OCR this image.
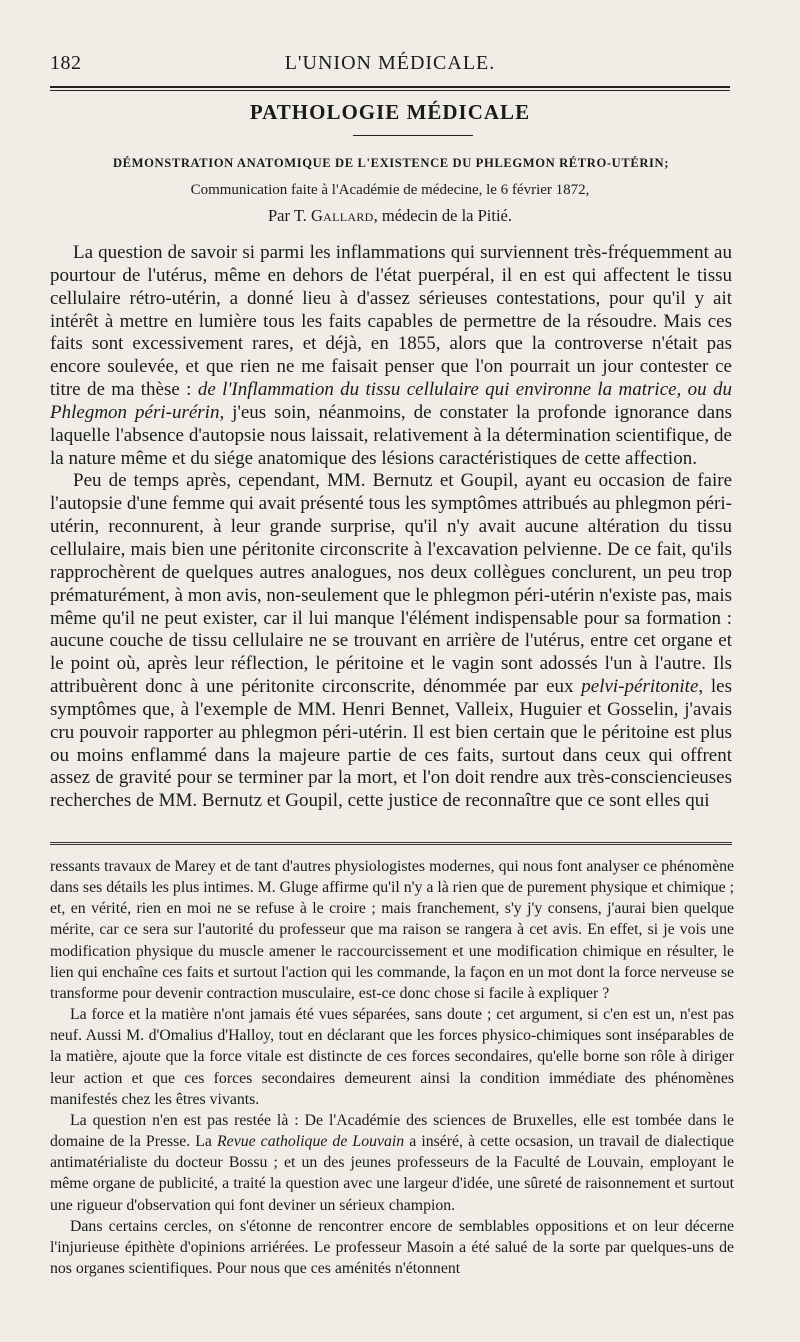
182	L'UNION MÉDICALE.
PATHOLOGIE MÉDICALE
DÉMONSTRATION ANATOMIQUE DE L'EXISTENCE DU PHLEGMON RÉTRO-UTÉRIN;
Communication faite à l'Académie de médecine, le 6 février 1872,
Par T. Gallard, médecin de la Pitié.

La question de savoir si parmi les inflammations qui surviennent très-fréquemment au pourtour de l'utérus, même en dehors de l'état puerpéral, il en est qui affectent le tissu cellulaire rétro-utérin, a donné lieu à d'assez sérieuses contestations, pour qu'il y ait intérêt à mettre en lumière tous les faits capables de permettre de la résoudre. Mais ces faits sont excessivement rares, et déjà, en 1855, alors que la controverse n'était pas encore soulevée, et que rien ne me faisait penser que l'on pourrait un jour contester ce titre de ma thèse : de l'Inflammation du tissu cellulaire qui environne la matrice, ou du Phlegmon péri-urérin, j'eus soin, néanmoins, de constater la profonde ignorance dans laquelle l'absence d'autopsie nous laissait, relativement à la détermination scientifique, de la nature même et du siége anatomique des lésions caractéristiques de cette affection.

Peu de temps après, cependant, MM. Bernutz et Goupil, ayant eu occasion de faire l'autopsie d'une femme qui avait présenté tous les symptômes attribués au phlegmon péri-utérin, reconnurent, à leur grande surprise, qu'il n'y avait aucune altération du tissu cellulaire, mais bien une péritonite circonscrite à l'excavation pelvienne. De ce fait, qu'ils rapprochèrent de quelques autres analogues, nos deux collègues conclurent, un peu trop prématurément, à mon avis, non-seulement que le phlegmon péri-utérin n'existe pas, mais même qu'il ne peut exister, car il lui manque l'élément indispensable pour sa formation : aucune couche de tissu cellulaire ne se trouvant en arrière de l'utérus, entre cet organe et le point où, après leur réflection, le péritoine et le vagin sont adossés l'un à l'autre. Ils attribuèrent donc à une péritonite circonscrite, dénommée par eux pelvi-péritonite, les symptômes que, à l'exemple de MM. Henri Bennet, Valleix, Huguier et Gosselin, j'avais cru pouvoir rapporter au phlegmon péri-utérin. Il est bien certain que le péritoine est plus ou moins enflammé dans la majeure partie de ces faits, surtout dans ceux qui offrent assez de gravité pour se terminer par la mort, et l'on doit rendre aux très-consciencieuses recherches de MM. Bernutz et Goupil, cette justice de reconnaître que ce sont elles qui

ressants travaux de Marey et de tant d'autres physiologistes modernes, qui nous font analyser ce phénomène dans ses détails les plus intimes. M. Gluge affirme qu'il n'y a là rien que de purement physique et chimique ; et, en vérité, rien en moi ne se refuse à le croire ; mais franchement, s'y j'y consens, j'aurai bien quelque mérite, car ce sera sur l'autorité du professeur que ma raison se rangera à cet avis. En effet, si je vois une modification physique du muscle amener le raccourcissement et une modification chimique en résulter, le lien qui enchaîne ces faits et surtout l'action qui les commande, la façon en un mot dont la force nerveuse se transforme pour devenir contraction musculaire, est-ce donc chose si facile à expliquer ?

La force et la matière n'ont jamais été vues séparées, sans doute ; cet argument, si c'en est un, n'est pas neuf. Aussi M. d'Omalius d'Halloy, tout en déclarant que les forces physico-chimiques sont inséparables de la matière, ajoute que la force vitale est distincte de ces forces secondaires, qu'elle borne son rôle à diriger leur action et que ces forces secondaires demeurent ainsi la condition immédiate des phénomènes manifestés chez les êtres vivants.

La question n'en est pas restée là : De l'Académie des sciences de Bruxelles, elle est tombée dans le domaine de la Presse. La Revue catholique de Louvain a inséré, à cette ocsasion, un travail de dialectique antimatérialiste du docteur Bossu ; et un des jeunes professeurs de la Faculté de Louvain, employant le même organe de publicité, a traité la question avec une largeur d'idée, une sûreté de raisonnement et surtout une rigueur d'observation qui font deviner un sérieux champion.

Dans certains cercles, on s'étonne de rencontrer encore de semblables oppositions et on leur décerne l'injurieuse épithète d'opinions arriérées. Le professeur Masoin a été salué de la sorte par quelques-uns de nos organes scientifiques. Pour nous que ces aménités n'étonnent
